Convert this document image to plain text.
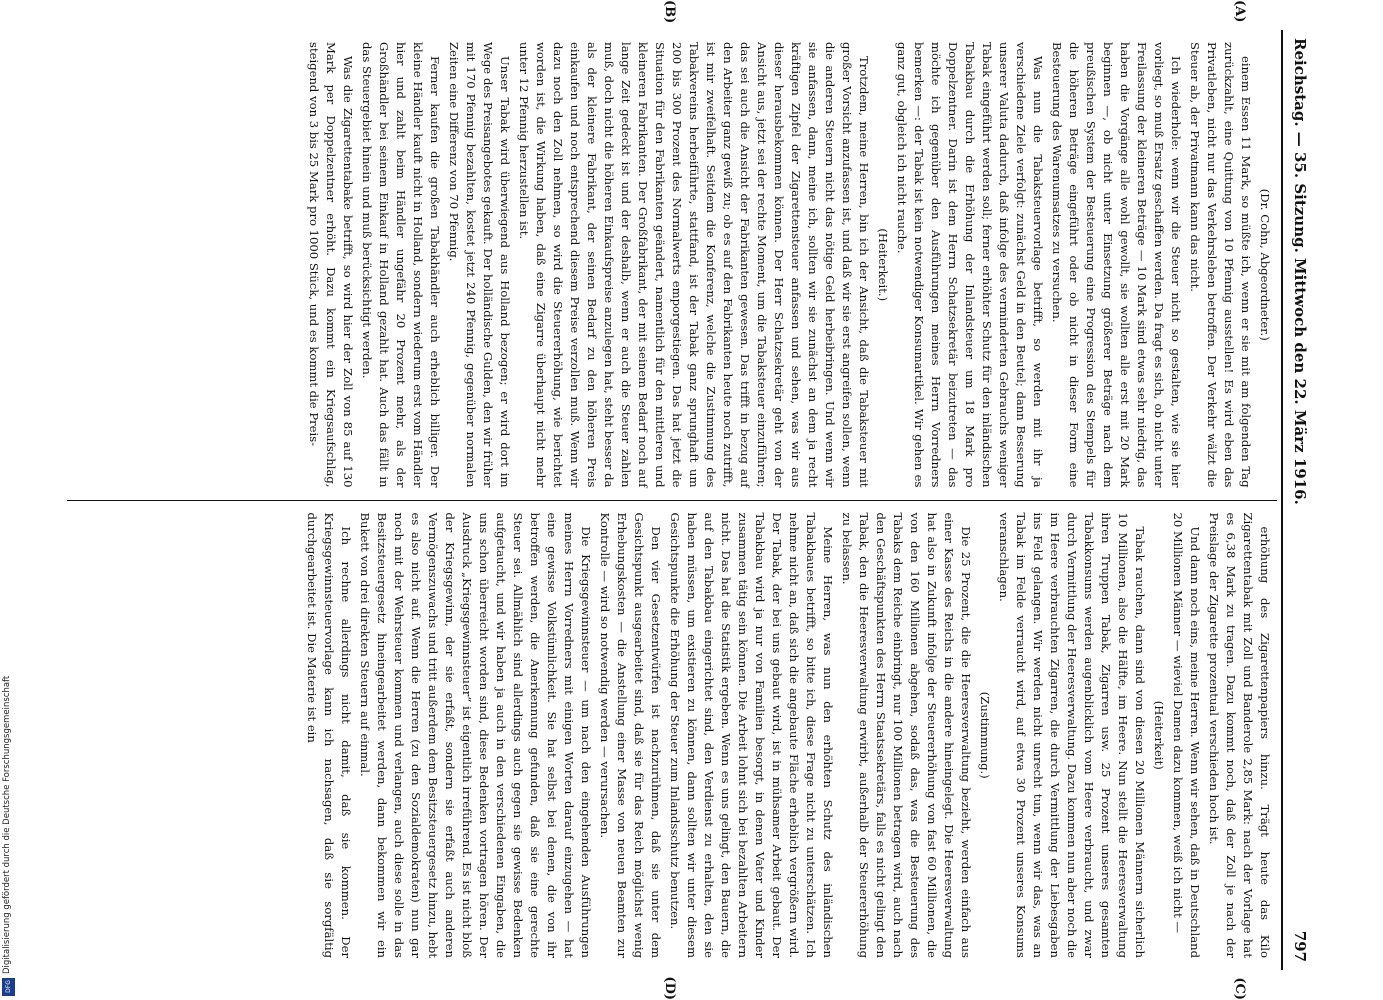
Reichstag. — 35. Sitzung. Mittwoch den 22. März 1916.
797

(Dr. Cohn, Abgeordneter.)

einem Essen 11 Mark, so müßte ich, wenn er sie mit am folgenden Tag zurückzahlt, eine Quittung von 10 Pfennig ausstellen! Es wird eben das Privatleben, nicht nur das Verkehrsleben betroffen. Der Verkehr wälzt die Steuer ab, der Privatmann kann das nicht.

Ich wiederhole: wenn wir die Steuer nicht so gestalten, wie sie hier vorliegt, so muß Ersatz geschaffen werden. Da fragt es sich, ob nicht unter Freilassung der kleineren Beträge — 10 Mark sind etwas sehr niedrig, das haben die Vorgänge alle wohl gewollt, sie wollten alle erst mit 20 Mark beginnen —, ob nicht unter Einsetzung größerer Beträge nach dem preußischen System der Besteuerung eine Progression des Stempels für die höheren Beträge eingeführt oder ob nicht in dieser Form eine Besteuerung des Warenumsatzes zu versuchen.

Was nun die Tabaksteuervorlage betrifft, so werden mit ihr ja verschiedene Ziele verfolgt: zunächst Geld in den Beutel; dann Besserung unserer Valuta dadurch, daß infolge des verminderten Gebrauchs weniger Tabak eingeführt werden soll; ferner erhöhter Schutz für den inländischen Tabakbau durch die Erhöhung der Inlandsteuer um 18 Mark pro Doppelzentner. Darin ist dem Herrn Schatzsekretär beizutreten — das möchte ich gegenüber den Ausführungen meines Herrn Vorredners bemerken —: der Tabak ist kein notwendiger Konsumartikel. Wir gehen es ganz gut, obgleich ich nicht rauche.

(Heiterkeit.)

Trotzdem, meine Herren, bin ich der Ansicht, daß die Tabaksteuer mit großer Vorsicht anzufassen ist, und daß wir sie erst angreifen sollen, wenn die anderen Steuern nicht das nötige Geld herbeibringen. Und wenn wir sie anfassen, dann, meine ich, sollten wir sie zunächst an dem ja recht kräftigen Zipfel der Zigarettensteuer anfassen und sehen, was wir aus dieser herausbekommen können. Der Herr Schatzsekretär geht von der Ansicht aus, jetzt sei der rechte Moment, um die Tabaksteuer einzuführen; das sei auch die Ansicht der Fabrikanten gewesen. Das trifft in bezug auf den Arbeiter ganz gewiß zu; ob es auf den Fabrikanten heute noch zutrifft, ist mir zweifelhaft. Seitdem die Konferenz, welche die Zustimmung des Tabakvereins herbeiführte, stattfand, ist der Tabak ganz sprunghaft um 200 bis 300 Prozent des Normalwerts emporgestiegen. Das hat jetzt die Situation für den Fabrikanten geändert, namentlich für den mittleren und kleineren Fabrikanten. Der Großfabrikant, der mit seinem Bedarf noch auf lange Zeit gedeckt ist und der deshalb, wenn er auch die Steuer zahlen muß, doch nicht die höheren Einkaufspreise anzulegen hat, steht besser da als der kleinere Fabrikant, der seinen Bedarf zu den höheren Preis einkaufen und noch entsprechend diesem Preise verzollen muß. Wenn wir dazu noch den Zoll nehmen, so wird die Steuererhöhung, wie berichtet worden ist, die Wirkung haben, daß eine Zigarre überhaupt nicht mehr unter 12 Pfennig herzustellen ist.

Unser Tabak wird überwiegend aus Holland bezogen; er wird dort im Wege des Preisangebotes gekauft. Der holländische Gulden, den wir früher mit 170 Pfennig bezahlten, kostet jetzt 240 Pfennig, gegenüber normalen Zeiten eine Differenz von 70 Pfennig.

Ferner kaufen die großen Tabakhändler auch erheblich billiger. Der kleine Händler kauft nicht in Holland, sondern wiederum erst vom Händler hier und zahlt beim Händler ungefähr 20 Prozent mehr, als der Großhändler bei seinem Einkauf in Holland gezahlt hat. Auch das fällt in das Steuergebiet hinein und muß berücksichtigt werden.

Was die Zigarettentabake betrifft, so wird hier der Zoll von 85 auf 130 Mark per Doppelzentner erhöht. Dazu kommt ein Kriegsaufschlag, steigend von 3 bis 25 Mark pro 1000 Stück, und es kommt die Preis-

erhöhung des Zigarettenpapiers hinzu. Trägt heute das Kilo Zigarettentabak mit Zoll und Banderole 2,85 Mark: nach der Vorlage hat es 6,38 Mark zu tragen. Dazu kommt noch, daß der Zoll je nach der Preislage der Zigarette prozentual verschieden hoch ist.

Und dann noch eins, meine Herren. Wenn wir sehen, daß in Deutschland 20 Millionen Männer — wieviel Damen dazu kommen, weiß ich nicht —

(Heiterkeit)

Tabak rauchen, dann sind von diesen 20 Millionen Männern sicherlich 10 Millionen, also die Hälfte, im Heere. Nun stellt die Heeresverwaltung ihren Truppen Tabak, Zigarren usw. 25 Prozent unseres gesamten Tabakkonsums werden augenblicklich vom Heere verbraucht, und zwar durch Vermittlung der Heeresverwaltung. Dazu kommen nun aber noch die im Heere verbrauchten Zigarren, die durch Vermittlung der Liebesgaben ins Feld gelangen. Wir werden nicht unrecht tun, wenn wir das, was an Tabak im Felde verraucht wird, auf etwa 30 Prozent unseres Konsums veranschlagen.

(Zustimmung.)

Die 25 Prozent, die die Heeresverwaltung bezieht, werden einfach aus einer Kasse des Reichs in die andere hineingelegt. Die Heeresverwaltung hat also in Zukunft infolge der Steuererhöhung von fast 60 Millionen, die von den 160 Millionen abgehen, sodaß das, was die Besteuerung des Tabaks dem Reiche einbringt, nur 100 Millionen betragen wird, auch nach den Geschäftspunkten des Herrn Staatssekretärs, falls es nicht gelingt den Tabak, den die Heeresverwaltung erwirbt, außerhalb der Steuererhöhung zu belassen.

Meine Herren, was nun den erhöhten Schutz des inländischen Tabakbaues betrifft, so bitte ich, diese Frage nicht zu unterschätzen. Ich nehme nicht an, daß sich die angebaute Fläche erheblich vergrößern wird. Der Tabak, der bei uns gebaut wird, ist in mühsamer Arbeit gebaut. Der Tabakbau wird ja nur von Familien besorgt, in denen Vater und Kinder zusammen tätig sein können. Die Arbeit lohnt sich bei bezahlten Arbeitern nicht. Das hat die Statistik ergeben. Wenn es uns gelingt, den Bauern, die auf den Tabakbau eingerichtet sind, den Verdienst zu erhalten, den sie haben müssen, um existieren zu können, dann sollten wir unter diesem Gesichtspunkte die Erhöhung der Steuer zum Inlandsschutz benutzen.

Den vier Gesetzentwürfen ist nachzurühmen, daß sie unter dem Gesichtspunkt ausgearbeitet sind, daß sie für das Reich möglichst wenig Erhebungskosten — die Anstellung einer Masse von neuen Beamten zur Kontrolle — wird so notwendig werden — verursachen.

Die Kriegsgewinnsteuer — um nach den eingehenden Ausführungen meines Herrn Vorredners mit einigen Worten darauf einzugehen — hat eine gewisse Volkstümlichkeit. Sie hat selbst bei denen, die von ihr betroffen werden, die Anerkennung gefunden, daß sie eine gerechte Steuer sei. Allmählich sind allerdings auch gegen sie gewisse Bedenken aufgetaucht, und wir haben ja auch in den verschiedenen Eingaben, die uns schon überreicht worden sind, diese Bedenken vortragen hören. Der Ausdruck „Kriegsgewinnsteuer“ ist eigentlich irreführend. Es ist nicht bloß der Kriegsgewinn, der sie erfaßt, sondern sie erfaßt auch anderen Vermögenszuwachs und tritt außerdem dem Besitzsteuergesetz hinzu, hebt es also nicht auf. Wenn die Herren (zu den Sozialdemokraten) nun gar noch mit der Wehrsteuer kommen und verlangen, auch diese solle in das Besitzsteuergesetz hineingearbeitet werden, dann bekommen wir ein Bukett von drei direkten Steuern auf einmal.

Ich rechne allerdings nicht damit, daß sie kommen. Der Kriegsgewinnsteuervorlage kann ich nachsagen, daß sie sorgfältig durchgearbeitet ist. Die Materie ist ein

(A)
(B)
(C)
(D)
Digitalisierung gefördert durch die Deutsche Forschungsgemeinschaft
DFG
